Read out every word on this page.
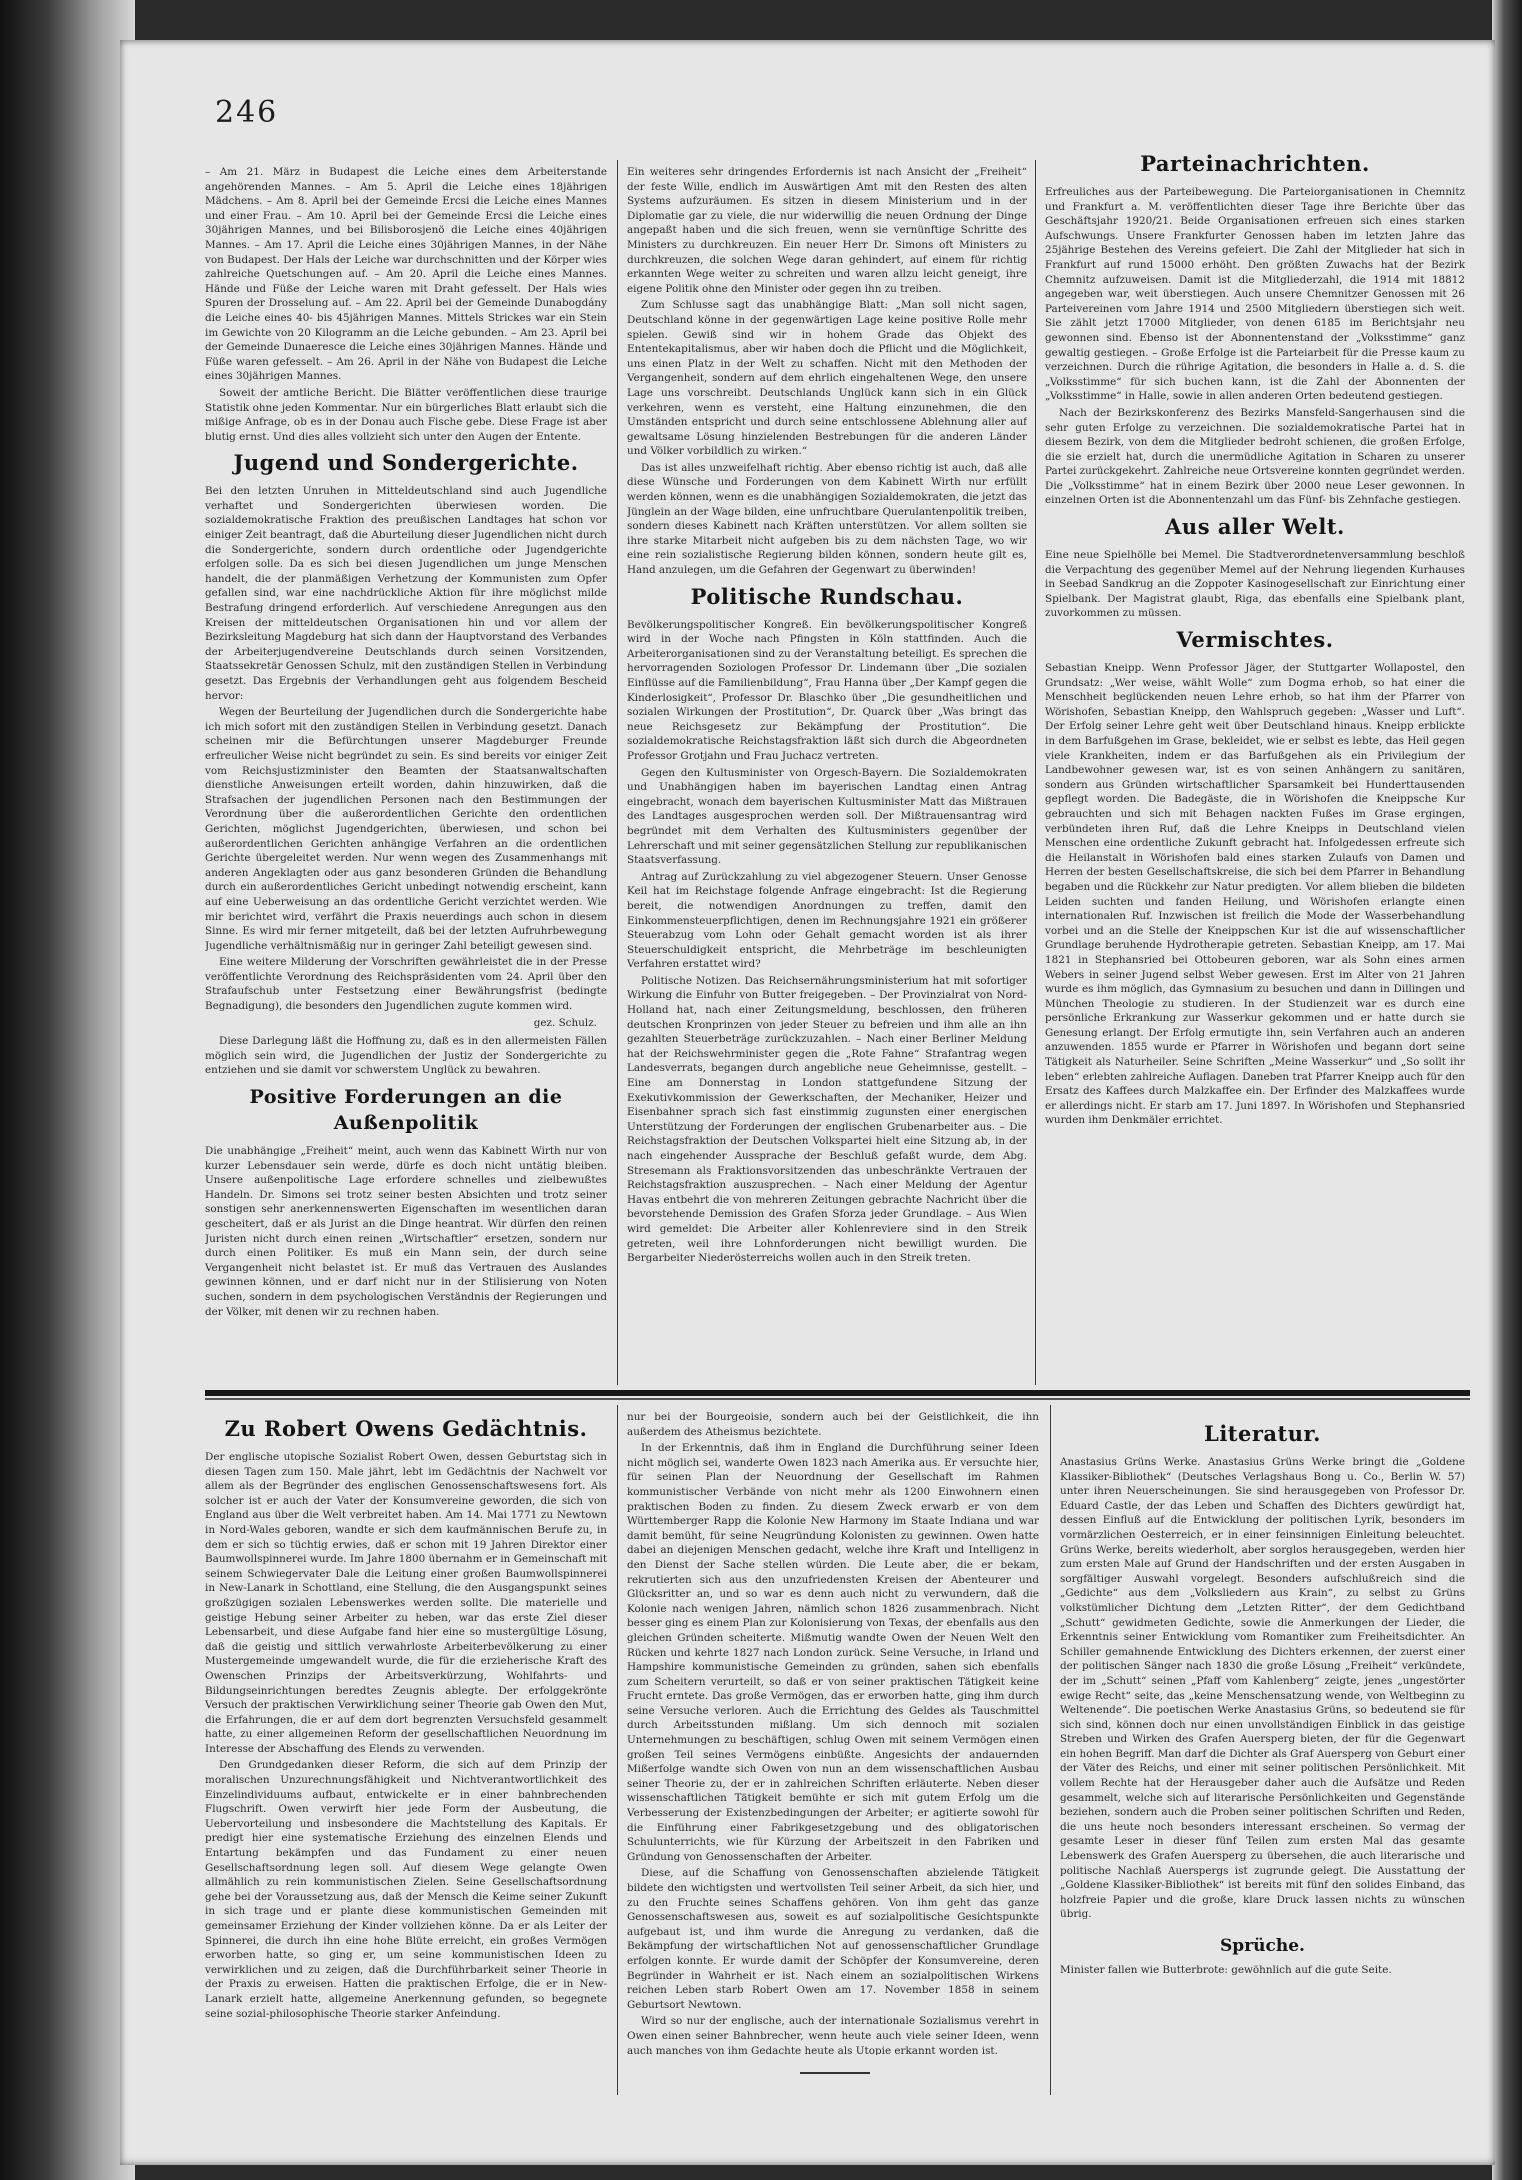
246

– Am 21. März in Budapest die Leiche eines dem Arbeiterstande angehörenden Mannes. – Am 5. April die Leiche eines 18jährigen Mädchens. – Am 8. April bei der Gemeinde Ercsi die Leiche eines Mannes und einer Frau. – Am 10. April bei der Gemeinde Ercsi die Leiche eines 30jährigen Mannes, und bei Bilisborosjenö die Leiche eines 40jährigen Mannes. – Am 17. April die Leiche eines 30jährigen Mannes, in der Nähe von Budapest. Der Hals der Leiche war durchschnitten und der Körper wies zahlreiche Quetschungen auf. – Am 20. April die Leiche eines Mannes. Hände und Füße der Leiche waren mit Draht gefesselt. Der Hals wies Spuren der Drosselung auf. – Am 22. April bei der Gemeinde Dunabogdány die Leiche eines 40- bis 45jährigen Mannes. Mittels Strickes war ein Stein im Gewichte von 20 Kilogramm an die Leiche gebunden. – Am 23. April bei der Gemeinde Dunaeresce die Leiche eines 30jährigen Mannes. Hände und Füße waren gefesselt. – Am 26. April in der Nähe von Budapest die Leiche eines 30jährigen Mannes.

Soweit der amtliche Bericht. Die Blätter veröffentlichen diese traurige Statistik ohne jeden Kommentar. Nur ein bürgerliches Blatt erlaubt sich die mißige Anfrage, ob es in der Donau auch Fische gebe. Diese Frage ist aber blutig ernst. Und dies alles vollzieht sich unter den Augen der Entente.

Jugend und Sondergerichte.

Bei den letzten Unruhen in Mitteldeutschland sind auch Jugendliche verhaftet und Sondergerichten überwiesen worden. Die sozialdemokratische Fraktion des preußischen Landtages hat schon vor einiger Zeit beantragt, daß die Aburteilung dieser Jugendlichen nicht durch die Sondergerichte, sondern durch ordentliche oder Jugendgerichte erfolgen solle. Da es sich bei diesen Jugendlichen um junge Menschen handelt, die der planmäßigen Verhetzung der Kommunisten zum Opfer gefallen sind, war eine nachdrückliche Aktion für ihre möglichst milde Bestrafung dringend erforderlich. Auf verschiedene Anregungen aus den Kreisen der mitteldeutschen Organisationen hin und vor allem der Bezirksleitung Magdeburg hat sich dann der Hauptvorstand des Verbandes der Arbeiterjugendvereine Deutschlands durch seinen Vorsitzenden, Staatssekretär Genossen Schulz, mit den zuständigen Stellen in Verbindung gesetzt. Das Ergebnis der Verhandlungen geht aus folgendem Bescheid hervor:

Wegen der Beurteilung der Jugendlichen durch die Sondergerichte habe ich mich sofort mit den zuständigen Stellen in Verbindung gesetzt. Danach scheinen mir die Befürchtungen unserer Magdeburger Freunde erfreulicher Weise nicht begründet zu sein. Es sind bereits vor einiger Zeit vom Reichsjustizminister den Beamten der Staatsanwaltschaften dienstliche Anweisungen erteilt worden, dahin hinzuwirken, daß die Strafsachen der jugendlichen Personen nach den Bestimmungen der Verordnung über die außerordentlichen Gerichte den ordentlichen Gerichten, möglichst Jugendgerichten, überwiesen, und schon bei außerordentlichen Gerichten anhängige Verfahren an die ordentlichen Gerichte übergeleitet werden. Nur wenn wegen des Zusammenhangs mit anderen Angeklagten oder aus ganz besonderen Gründen die Behandlung durch ein außerordentliches Gericht unbedingt notwendig erscheint, kann auf eine Ueberweisung an das ordentliche Gericht verzichtet werden. Wie mir berichtet wird, verfährt die Praxis neuerdings auch schon in diesem Sinne. Es wird mir ferner mitgeteilt, daß bei der letzten Aufruhrbewegung Jugendliche verhältnismäßig nur in geringer Zahl beteiligt gewesen sind.

Eine weitere Milderung der Vorschriften gewährleistet die in der Presse veröffentlichte Verordnung des Reichspräsidenten vom 24. April über den Strafaufschub unter Festsetzung einer Bewährungsfrist (bedingte Begnadigung), die besonders den Jugendlichen zugute kommen wird.

gez. Schulz.

Diese Darlegung läßt die Hoffnung zu, daß es in den allermeisten Fällen möglich sein wird, die Jugendlichen der Justiz der Sondergerichte zu entziehen und sie damit vor schwerstem Unglück zu bewahren.

Positive Forderungen an die Außenpolitik

Die unabhängige „Freiheit“ meint, auch wenn das Kabinett Wirth nur von kurzer Lebensdauer sein werde, dürfe es doch nicht untätig bleiben. Unsere außenpolitische Lage erfordere schnelles und zielbewußtes Handeln. Dr. Simons sei trotz seiner besten Absichten und trotz seiner sonstigen sehr anerkennenswerten Eigenschaften im wesentlichen daran gescheitert, daß er als Jurist an die Dinge heantrat. Wir dürfen den reinen Juristen nicht durch einen reinen „Wirtschaftler“ ersetzen, sondern nur durch einen Politiker. Es muß ein Mann sein, der durch seine Vergangenheit nicht belastet ist. Er muß das Vertrauen des Auslandes gewinnen können, und er darf nicht nur in der Stilisierung von Noten suchen, sondern in dem psychologischen Verständnis der Regierungen und der Völker, mit denen wir zu rechnen haben.

Ein weiteres sehr dringendes Erfordernis ist nach Ansicht der „Freiheit“ der feste Wille, endlich im Auswärtigen Amt mit den Resten des alten Systems aufzuräumen. Es sitzen in diesem Ministerium und in der Diplomatie gar zu viele, die nur widerwillig die neuen Ordnung der Dinge angepaßt haben und die sich freuen, wenn sie vernünftige Schritte des Ministers zu durchkreuzen. Ein neuer Herr Dr. Simons oft Ministers zu durchkreuzen, die solchen Wege daran gehindert, auf einem für richtig erkannten Wege weiter zu schreiten und waren allzu leicht geneigt, ihre eigene Politik ohne den Minister oder gegen ihn zu treiben.

Zum Schlusse sagt das unabhängige Blatt: „Man soll nicht sagen, Deutschland könne in der gegenwärtigen Lage keine positive Rolle mehr spielen. Gewiß sind wir in hohem Grade das Objekt des Ententekapitalismus, aber wir haben doch die Pflicht und die Möglichkeit, uns einen Platz in der Welt zu schaffen. Nicht mit den Methoden der Vergangenheit, sondern auf dem ehrlich eingehaltenen Wege, den unsere Lage uns vorschreibt. Deutschlands Unglück kann sich in ein Glück verkehren, wenn es versteht, eine Haltung einzunehmen, die den Umständen entspricht und durch seine entschlossene Ablehnung aller auf gewaltsame Lösung hinzielenden Bestrebungen für die anderen Länder und Völker vorbildlich zu wirken.“

Das ist alles unzweifelhaft richtig. Aber ebenso richtig ist auch, daß alle diese Wünsche und Forderungen von dem Kabinett Wirth nur erfüllt werden können, wenn es die unabhängigen Sozialdemokraten, die jetzt das Jünglein an der Wage bilden, eine unfruchtbare Querulantenpolitik treiben, sondern dieses Kabinett nach Kräften unterstützen. Vor allem sollten sie ihre starke Mitarbeit nicht aufgeben bis zu dem nächsten Tage, wo wir eine rein sozialistische Regierung bilden können, sondern heute gilt es, Hand anzulegen, um die Gefahren der Gegenwart zu überwinden!

Politische Rundschau.

Bevölkerungspolitischer Kongreß. Ein bevölkerungspolitischer Kongreß wird in der Woche nach Pfingsten in Köln stattfinden. Auch die Arbeiterorganisationen sind zu der Veranstaltung beteiligt. Es sprechen die hervorragenden Soziologen Professor Dr. Lindemann über „Die sozialen Einflüsse auf die Familienbildung“, Frau Hanna über „Der Kampf gegen die Kinderlosigkeit“, Professor Dr. Blaschko über „Die gesundheitlichen und sozialen Wirkungen der Prostitution“, Dr. Quarck über „Was bringt das neue Reichsgesetz zur Bekämpfung der Prostitution“. Die sozialdemokratische Reichstagsfraktion läßt sich durch die Abgeordneten Professor Grotjahn und Frau Juchacz vertreten.

Gegen den Kultusminister von Orgesch-Bayern. Die Sozialdemokraten und Unabhängigen haben im bayerischen Landtag einen Antrag eingebracht, wonach dem bayerischen Kultusminister Matt das Mißtrauen des Landtages ausgesprochen werden soll. Der Mißtrauensantrag wird begründet mit dem Verhalten des Kultusministers gegenüber der Lehrerschaft und mit seiner gegensätzlichen Stellung zur republikanischen Staatsverfassung.

Antrag auf Zurückzahlung zu viel abgezogener Steuern. Unser Genosse Keil hat im Reichstage folgende Anfrage eingebracht: Ist die Regierung bereit, die notwendigen Anordnungen zu treffen, damit den Einkommensteuerpflichtigen, denen im Rechnungsjahre 1921 ein größerer Steuerabzug vom Lohn oder Gehalt gemacht worden ist als ihrer Steuerschuldigkeit entspricht, die Mehrbeträge im beschleunigten Verfahren erstattet wird?

Politische Notizen. Das Reichsernährungsministerium hat mit sofortiger Wirkung die Einfuhr von Butter freigegeben. – Der Provinzialrat von Nord-Holland hat, nach einer Zeitungsmeldung, beschlossen, den früheren deutschen Kronprinzen von jeder Steuer zu befreien und ihm alle an ihn gezahlten Steuerbeträge zurückzuzahlen. – Nach einer Berliner Meldung hat der Reichswehrminister gegen die „Rote Fahne“ Strafantrag wegen Landesverrats, begangen durch angebliche neue Geheimnisse, gestellt. – Eine am Donnerstag in London stattgefundene Sitzung der Exekutivkommission der Gewerkschaften, der Mechaniker, Heizer und Eisenbahner sprach sich fast einstimmig zugunsten einer energischen Unterstützung der Forderungen der englischen Grubenarbeiter aus. – Die Reichstagsfraktion der Deutschen Volkspartei hielt eine Sitzung ab, in der nach eingehender Aussprache der Beschluß gefaßt wurde, dem Abg. Stresemann als Fraktionsvorsitzenden das unbeschränkte Vertrauen der Reichstagsfraktion auszusprechen. – Nach einer Meldung der Agentur Havas entbehrt die von mehreren Zeitungen gebrachte Nachricht über die bevorstehende Demission des Grafen Sforza jeder Grundlage. – Aus Wien wird gemeldet: Die Arbeiter aller Kohlenreviere sind in den Streik getreten, weil ihre Lohnforderungen nicht bewilligt wurden. Die Bergarbeiter Niederösterreichs wollen auch in den Streik treten.

Parteinachrichten.

Erfreuliches aus der Parteibewegung. Die Parteiorganisationen in Chemnitz und Frankfurt a. M. veröffentlichten dieser Tage ihre Berichte über das Geschäftsjahr 1920/21. Beide Organisationen erfreuen sich eines starken Aufschwungs. Unsere Frankfurter Genossen haben im letzten Jahre das 25jährige Bestehen des Vereins gefeiert. Die Zahl der Mitglieder hat sich in Frankfurt auf rund 15000 erhöht. Den größten Zuwachs hat der Bezirk Chemnitz aufzuweisen. Damit ist die Mitgliederzahl, die 1914 mit 18812 angegeben war, weit überstiegen. Auch unsere Chemnitzer Genossen mit 26 Parteivereinen vom Jahre 1914 und 2500 Mitgliedern überstiegen sich weit. Sie zählt jetzt 17000 Mitglieder, von denen 6185 im Berichtsjahr neu gewonnen sind. Ebenso ist der Abonnentenstand der „Volksstimme“ ganz gewaltig gestiegen. – Große Erfolge ist die Parteiarbeit für die Presse kaum zu verzeichnen. Durch die rührige Agitation, die besonders in Halle a. d. S. die „Volksstimme“ für sich buchen kann, ist die Zahl der Abonnenten der „Volksstimme“ in Halle, sowie in allen anderen Orten bedeutend gestiegen.

Nach der Bezirkskonferenz des Bezirks Mansfeld-Sangerhausen sind die sehr guten Erfolge zu verzeichnen. Die sozialdemokratische Partei hat in diesem Bezirk, von dem die Mitglieder bedroht schienen, die großen Erfolge, die sie erzielt hat, durch die unermüdliche Agitation in Scharen zu unserer Partei zurückgekehrt. Zahlreiche neue Ortsvereine konnten gegründet werden. Die „Volksstimme“ hat in einem Bezirk über 2000 neue Leser gewonnen. In einzelnen Orten ist die Abonnentenzahl um das Fünf- bis Zehnfache gestiegen.

Aus aller Welt.

Eine neue Spielhölle bei Memel. Die Stadtverordnetenversammlung beschloß die Verpachtung des gegenüber Memel auf der Nehrung liegenden Kurhauses in Seebad Sandkrug an die Zoppoter Kasinogesellschaft zur Einrichtung einer Spielbank. Der Magistrat glaubt, Riga, das ebenfalls eine Spielbank plant, zuvorkommen zu müssen.

Vermischtes.

Sebastian Kneipp. Wenn Professor Jäger, der Stuttgarter Wollapostel, den Grundsatz: „Wer weise, wählt Wolle“ zum Dogma erhob, so hat einer die Menschheit beglückenden neuen Lehre erhob, so hat ihm der Pfarrer von Wörishofen, Sebastian Kneipp, den Wahlspruch gegeben: „Wasser und Luft“. Der Erfolg seiner Lehre geht weit über Deutschland hinaus. Kneipp erblickte in dem Barfußgehen im Grase, bekleidet, wie er selbst es lebte, das Heil gegen viele Krankheiten, indem er das Barfußgehen als ein Privilegium der Landbewohner gewesen war, ist es von seinen Anhängern zu sanitären, sondern aus Gründen wirtschaftlicher Sparsamkeit bei Hunderttausenden gepflegt worden. Die Badegäste, die in Wörishofen die Kneippsche Kur gebrauchten und sich mit Behagen nackten Fußes im Grase ergingen, verbündeten ihren Ruf, daß die Lehre Kneipps in Deutschland vielen Menschen eine ordentliche Zukunft gebracht hat. Infolgedessen erfreute sich die Heilanstalt in Wörishofen bald eines starken Zulaufs von Damen und Herren der besten Gesellschaftskreise, die sich bei dem Pfarrer in Behandlung begaben und die Rückkehr zur Natur predigten. Vor allem blieben die bildeten Leiden suchten und fanden Heilung, und Wörishofen erlangte einen internationalen Ruf. Inzwischen ist freilich die Mode der Wasserbehandlung vorbei und an die Stelle der Kneippschen Kur ist die auf wissenschaftlicher Grundlage beruhende Hydrotherapie getreten. Sebastian Kneipp, am 17. Mai 1821 in Stephansried bei Ottobeuren geboren, war als Sohn eines armen Webers in seiner Jugend selbst Weber gewesen. Erst im Alter von 21 Jahren wurde es ihm möglich, das Gymnasium zu besuchen und dann in Dillingen und München Theologie zu studieren. In der Studienzeit war es durch eine persönliche Erkrankung zur Wasserkur gekommen und er hatte durch sie Genesung erlangt. Der Erfolg ermutigte ihn, sein Verfahren auch an anderen anzuwenden. 1855 wurde er Pfarrer in Wörishofen und begann dort seine Tätigkeit als Naturheiler. Seine Schriften „Meine Wasserkur“ und „So sollt ihr leben“ erlebten zahlreiche Auflagen. Daneben trat Pfarrer Kneipp auch für den Ersatz des Kaffees durch Malzkaffee ein. Der Erfinder des Malzkaffees wurde er allerdings nicht. Er starb am 17. Juni 1897. In Wörishofen und Stephansried wurden ihm Denkmäler errichtet.

Zu Robert Owens Gedächtnis.

Der englische utopische Sozialist Robert Owen, dessen Geburtstag sich in diesen Tagen zum 150. Male jährt, lebt im Gedächtnis der Nachwelt vor allem als der Begründer des englischen Genossenschaftswesens fort. Als solcher ist er auch der Vater der Konsumvereine geworden, die sich von England aus über die Welt verbreitet haben. Am 14. Mai 1771 zu Newtown in Nord-Wales geboren, wandte er sich dem kaufmännischen Berufe zu, in dem er sich so tüchtig erwies, daß er schon mit 19 Jahren Direktor einer Baumwollspinnerei wurde. Im Jahre 1800 übernahm er in Gemeinschaft mit seinem Schwiegervater Dale die Leitung einer großen Baumwollspinnerei in New-Lanark in Schottland, eine Stellung, die den Ausgangspunkt seines großzügigen sozialen Lebenswerkes werden sollte. Die materielle und geistige Hebung seiner Arbeiter zu heben, war das erste Ziel dieser Lebensarbeit, und diese Aufgabe fand hier eine so mustergültige Lösung, daß die geistig und sittlich verwahrloste Arbeiterbevölkerung zu einer Mustergemeinde umgewandelt wurde, die für die erzieherische Kraft des Owenschen Prinzips der Arbeitsverkürzung, Wohlfahrts- und Bildungseinrichtungen beredtes Zeugnis ablegte. Der erfolggekrönte Versuch der praktischen Verwirklichung seiner Theorie gab Owen den Mut, die Erfahrungen, die er auf dem dort begrenzten Versuchsfeld gesammelt hatte, zu einer allgemeinen Reform der gesellschaftlichen Neuordnung im Interesse der Abschaffung des Elends zu verwenden.

Den Grundgedanken dieser Reform, die sich auf dem Prinzip der moralischen Unzurechnungsfähigkeit und Nichtverantwortlichkeit des Einzelindividuums aufbaut, entwickelte er in einer bahnbrechenden Flugschrift. Owen verwirft hier jede Form der Ausbeutung, die Uebervorteilung und insbesondere die Machtstellung des Kapitals. Er predigt hier eine systematische Erziehung des einzelnen Elends und Entartung bekämpfen und das Fundament zu einer neuen Gesellschaftsordnung legen soll. Auf diesem Wege gelangte Owen allmählich zu rein kommunistischen Zielen. Seine Gesellschaftsordnung gehe bei der Voraussetzung aus, daß der Mensch die Keime seiner Zukunft in sich trage und er plante diese kommunistischen Gemeinden mit gemeinsamer Erziehung der Kinder vollziehen könne. Da er als Leiter der Spinnerei, die durch ihn eine hohe Blüte erreicht, ein großes Vermögen erworben hatte, so ging er, um seine kommunistischen Ideen zu verwirklichen und zu zeigen, daß die Durchführbarkeit seiner Theorie in der Praxis zu erweisen. Hatten die praktischen Erfolge, die er in New-Lanark erzielt hatte, allgemeine Anerkennung gefunden, so begegnete seine sozial-philosophische Theorie starker Anfeindung.

nur bei der Bourgeoisie, sondern auch bei der Geistlichkeit, die ihn außerdem des Atheismus bezichtete.

In der Erkenntnis, daß ihm in England die Durchführung seiner Ideen nicht möglich sei, wanderte Owen 1823 nach Amerika aus. Er versuchte hier, für seinen Plan der Neuordnung der Gesellschaft im Rahmen kommunistischer Verbände von nicht mehr als 1200 Einwohnern einen praktischen Boden zu finden. Zu diesem Zweck erwarb er von dem Württemberger Rapp die Kolonie New Harmony im Staate Indiana und war damit bemüht, für seine Neugründung Kolonisten zu gewinnen. Owen hatte dabei an diejenigen Menschen gedacht, welche ihre Kraft und Intelligenz in den Dienst der Sache stellen würden. Die Leute aber, die er bekam, rekrutierten sich aus den unzufriedensten Kreisen der Abenteurer und Glücksritter an, und so war es denn auch nicht zu verwundern, daß die Kolonie nach wenigen Jahren, nämlich schon 1826 zusammenbrach. Nicht besser ging es einem Plan zur Kolonisierung von Texas, der ebenfalls aus den gleichen Gründen scheiterte. Mißmutig wandte Owen der Neuen Welt den Rücken und kehrte 1827 nach London zurück. Seine Versuche, in Irland und Hampshire kommunistische Gemeinden zu gründen, sahen sich ebenfalls zum Scheitern verurteilt, so daß er von seiner praktischen Tätigkeit keine Frucht erntete. Das große Vermögen, das er erworben hatte, ging ihm durch seine Versuche verloren. Auch die Errichtung des Geldes als Tauschmittel durch Arbeitsstunden mißlang. Um sich dennoch mit sozialen Unternehmungen zu beschäftigen, schlug Owen mit seinem Vermögen einen großen Teil seines Vermögens einbüßte. Angesichts der andauernden Mißerfolge wandte sich Owen von nun an dem wissenschaftlichen Ausbau seiner Theorie zu, der er in zahlreichen Schriften erläuterte. Neben dieser wissenschaftlichen Tätigkeit bemühte er sich mit gutem Erfolg um die Verbesserung der Existenzbedingungen der Arbeiter; er agitierte sowohl für die Einführung einer Fabrikgesetzgebung und des obligatorischen Schulunterrichts, wie für Kürzung der Arbeitszeit in den Fabriken und Gründung von Genossenschaften der Arbeiter.

Diese, auf die Schaffung von Genossenschaften abzielende Tätigkeit bildete den wichtigsten und wertvollsten Teil seiner Arbeit, da sich hier, und zu den Fruchte seines Schaffens gehören. Von ihm geht das ganze Genossenschaftswesen aus, soweit es auf sozialpolitische Gesichtspunkte aufgebaut ist, und ihm wurde die Anregung zu verdanken, daß die Bekämpfung der wirtschaftlichen Not auf genossenschaftlicher Grundlage erfolgen konnte. Er wurde damit der Schöpfer der Konsumvereine, deren Begründer in Wahrheit er ist. Nach einem an sozialpolitischen Wirkens reichen Leben starb Robert Owen am 17. November 1858 in seinem Geburtsort Newtown.

Wird so nur der englische, auch der internationale Sozialismus verehrt in Owen einen seiner Bahnbrecher, wenn heute auch viele seiner Ideen, wenn auch manches von ihm Gedachte heute als Utopie erkannt worden ist.

Literatur.

Anastasius Grüns Werke. Anastasius Grüns Werke bringt die „Goldene Klassiker-Bibliothek“ (Deutsches Verlagshaus Bong u. Co., Berlin W. 57) unter ihren Neuerscheinungen. Sie sind herausgegeben von Professor Dr. Eduard Castle, der das Leben und Schaffen des Dichters gewürdigt hat, dessen Einfluß auf die Entwicklung der politischen Lyrik, besonders im vormärzlichen Oesterreich, er in einer feinsinnigen Einleitung beleuchtet. Grüns Werke, bereits wiederholt, aber sorglos herausgegeben, werden hier zum ersten Male auf Grund der Handschriften und der ersten Ausgaben in sorgfältiger Auswahl vorgelegt. Besonders aufschlußreich sind die „Gedichte“ aus dem „Volksliedern aus Krain“, zu selbst zu Grüns volkstümlicher Dichtung dem „Letzten Ritter“, der dem Gedichtband „Schutt“ gewidmeten Gedichte, sowie die Anmerkungen der Lieder, die Erkenntnis seiner Entwicklung vom Romantiker zum Freiheitsdichter. An Schiller gemahnende Entwicklung des Dichters erkennen, der zuerst einer der politischen Sänger nach 1830 die große Lösung „Freiheit“ verkündete, der im „Schutt“ seinen „Pfaff vom Kahlenberg“ zeigte, jenes „ungestörter ewige Recht“ seite, das „keine Menschensatzung wende, von Weltbeginn zu Weltenende“. Die poetischen Werke Anastasius Grüns, so bedeutend sie für sich sind, können doch nur einen unvollständigen Einblick in das geistige Streben und Wirken des Grafen Auersperg bieten, der für die Gegenwart ein hohen Begriff. Man darf die Dichter als Graf Auersperg von Geburt einer der Väter des Reichs, und einer mit seiner politischen Persönlichkeit. Mit vollem Rechte hat der Herausgeber daher auch die Aufsätze und Reden gesammelt, welche sich auf literarische Persönlichkeiten und Gegenstände beziehen, sondern auch die Proben seiner politischen Schriften und Reden, die uns heute noch besonders interessant erscheinen. So vermag der gesamte Leser in dieser fünf Teilen zum ersten Mal das gesamte Lebenswerk des Grafen Auersperg zu übersehen, die auch literarische und politische Nachlaß Auerspergs ist zugrunde gelegt. Die Ausstattung der „Goldene Klassiker-Bibliothek“ ist bereits mit fünf den solides Einband, das holzfreie Papier und die große, klare Druck lassen nichts zu wünschen übrig.

Sprüche.

Minister fallen wie Butterbrote: gewöhnlich auf die gute Seite.
